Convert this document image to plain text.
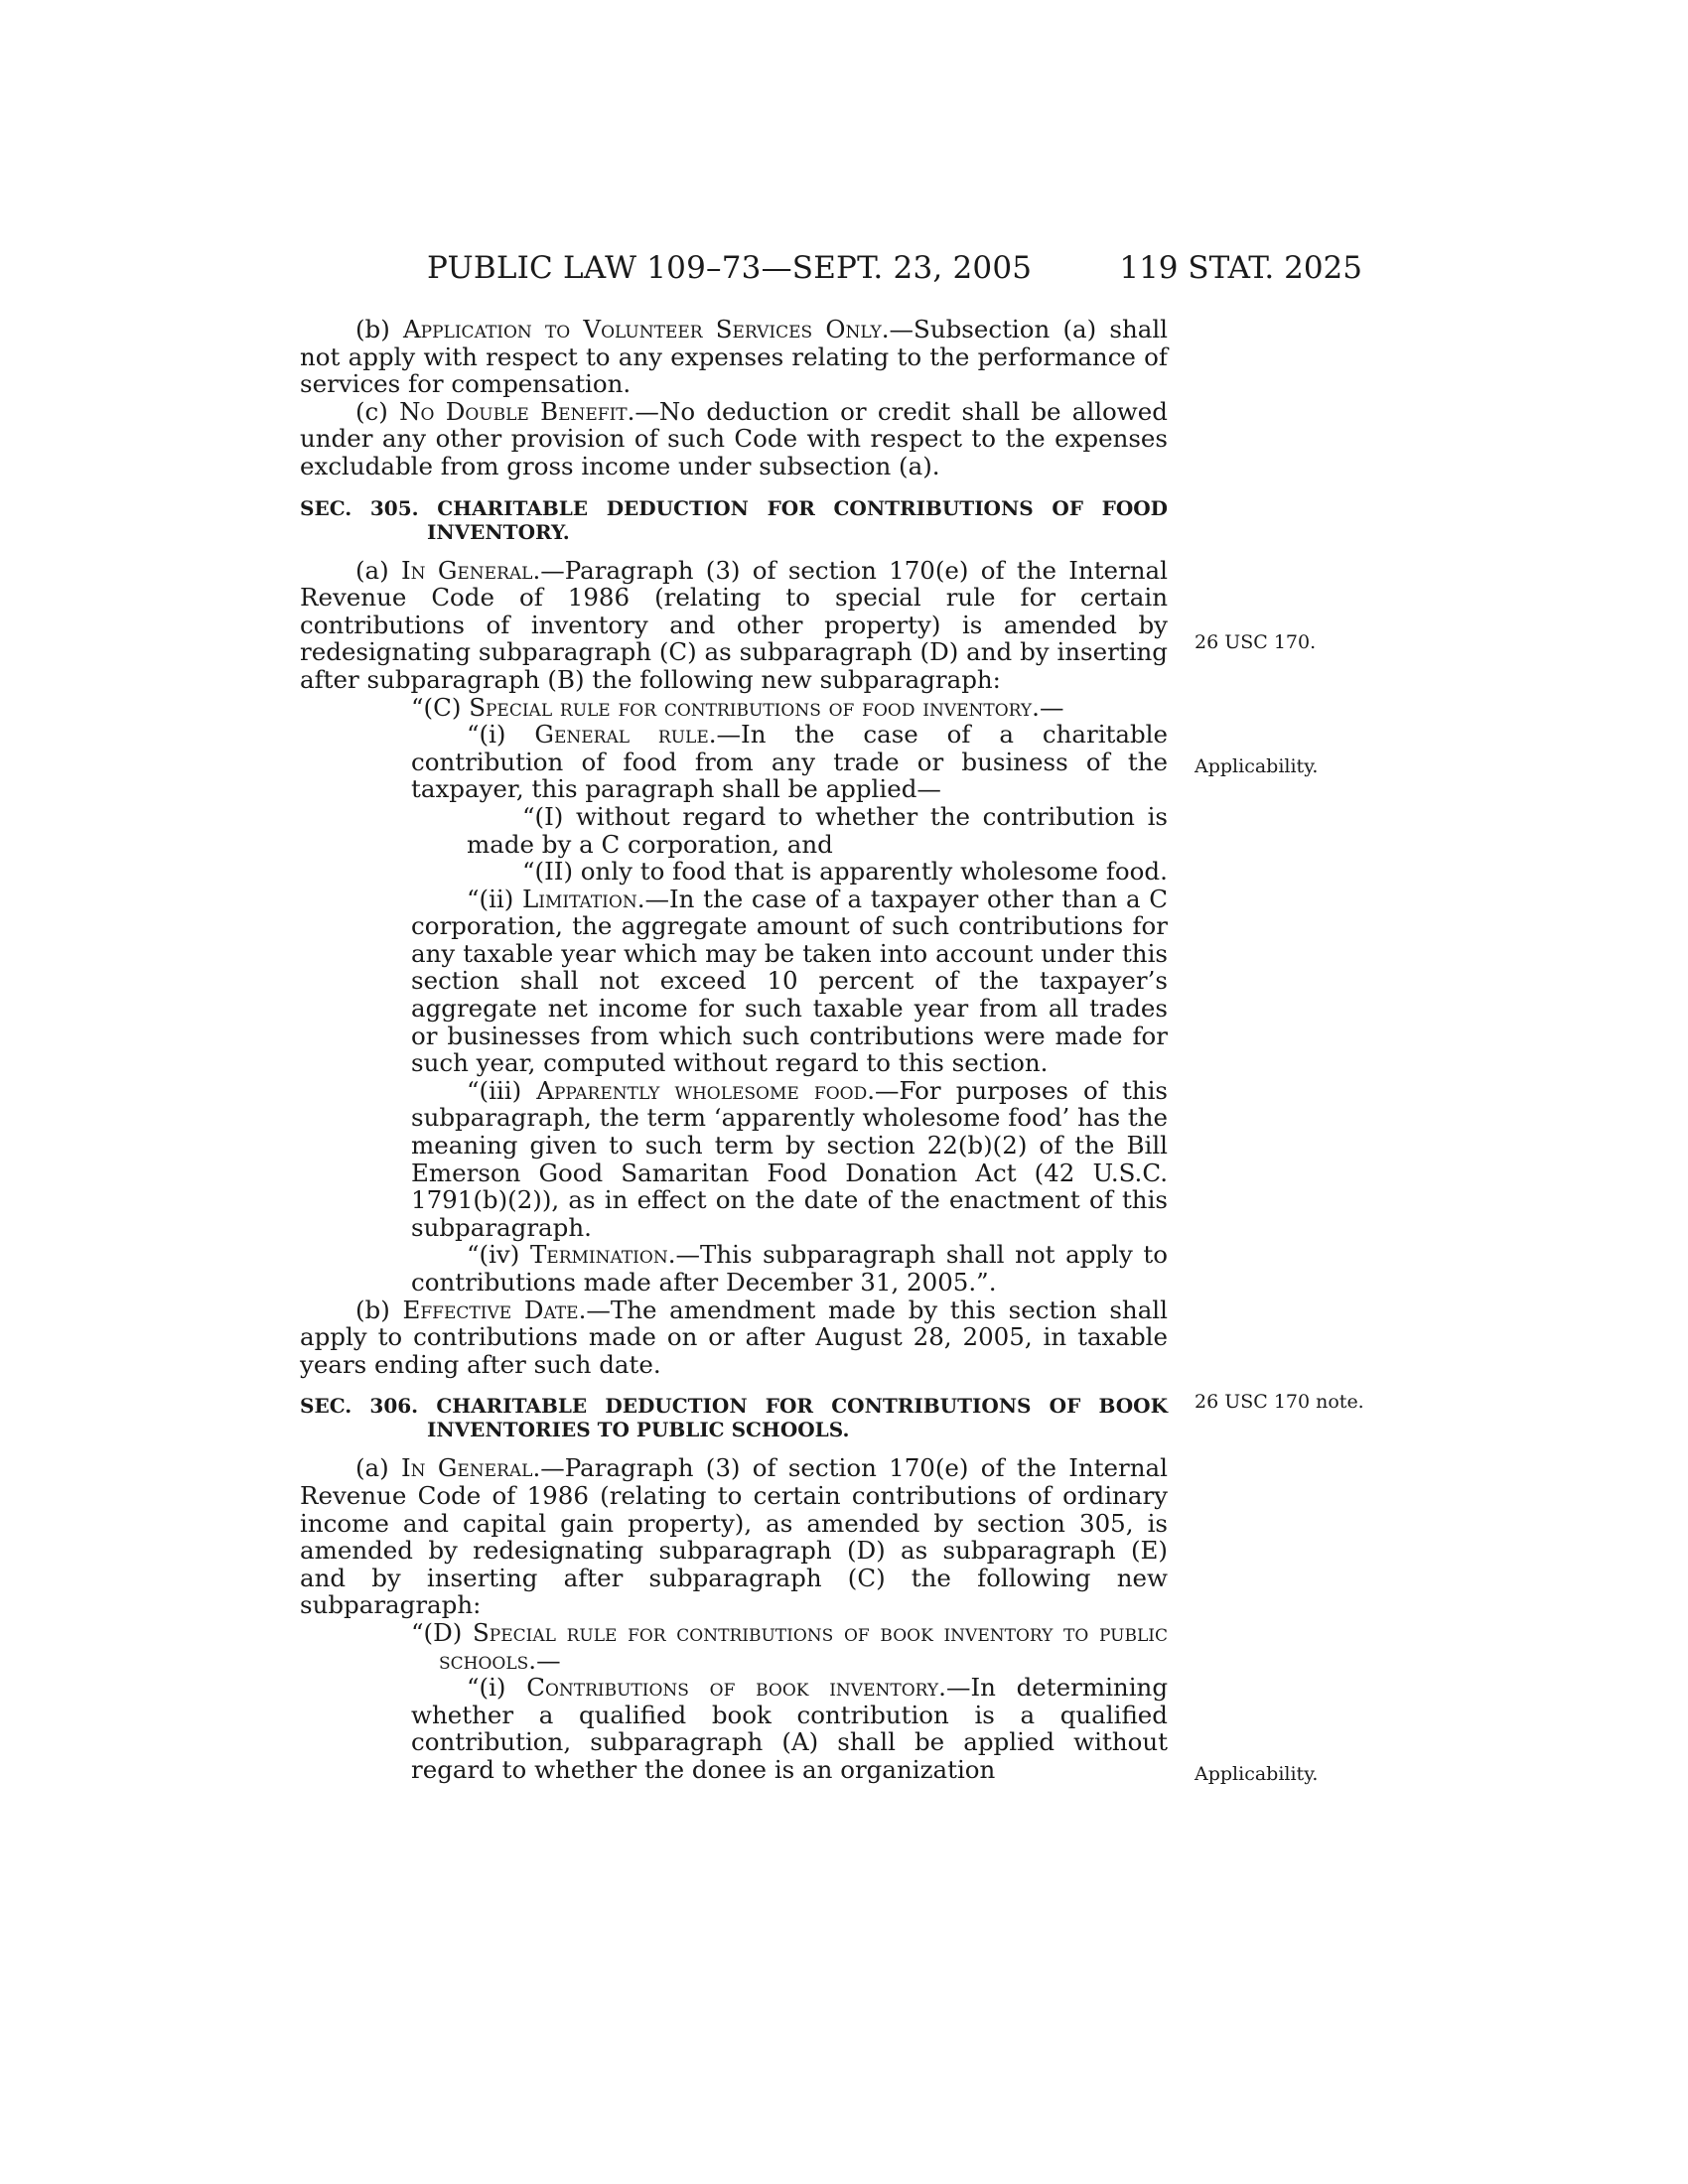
PUBLIC LAW 109–73—SEPT. 23, 2005	119 STAT. 2025

(b) Application to Volunteer Services Only.—Subsection (a) shall not apply with respect to any expenses relating to the performance of services for compensation.

(c) No Double Benefit.—No deduction or credit shall be allowed under any other provision of such Code with respect to the expenses excludable from gross income under subsection (a).

SEC. 305. CHARITABLE DEDUCTION FOR CONTRIBUTIONS OF FOOD INVENTORY.

(a) In General.—Paragraph (3) of section 170(e) of the Internal Revenue Code of 1986 (relating to special rule for certain contributions of inventory and other property) is amended by redesignating subparagraph (C) as subparagraph (D) and by inserting after subparagraph (B) the following new subparagraph:

“(C) Special rule for contributions of food inventory.—

“(i) General rule.—In the case of a charitable contribution of food from any trade or business of the taxpayer, this paragraph shall be applied—

“(I) without regard to whether the contribution is made by a C corporation, and

“(II) only to food that is apparently wholesome food.

“(ii) Limitation.—In the case of a taxpayer other than a C corporation, the aggregate amount of such contributions for any taxable year which may be taken into account under this section shall not exceed 10 percent of the taxpayer’s aggregate net income for such taxable year from all trades or businesses from which such contributions were made for such year, computed without regard to this section.

“(iii) Apparently wholesome food.—For purposes of this subparagraph, the term ‘apparently wholesome food’ has the meaning given to such term by section 22(b)(2) of the Bill Emerson Good Samaritan Food Donation Act (42 U.S.C. 1791(b)(2)), as in effect on the date of the enactment of this subparagraph.

“(iv) Termination.—This subparagraph shall not apply to contributions made after December 31, 2005.”.

(b) Effective Date.—The amendment made by this section shall apply to contributions made on or after August 28, 2005, in taxable years ending after such date.

SEC. 306. CHARITABLE DEDUCTION FOR CONTRIBUTIONS OF BOOK INVENTORIES TO PUBLIC SCHOOLS.

(a) In General.—Paragraph (3) of section 170(e) of the Internal Revenue Code of 1986 (relating to certain contributions of ordinary income and capital gain property), as amended by section 305, is amended by redesignating subparagraph (D) as subparagraph (E) and by inserting after subparagraph (C) the following new subparagraph:

“(D) Special rule for contributions of book inventory to public schools.—

“(i) Contributions of book inventory.—In determining whether a qualified book contribution is a qualified contribution, subparagraph (A) shall be applied without regard to whether the donee is an organization

26 USC 170.
Applicability.
26 USC 170 note.
Applicability.
